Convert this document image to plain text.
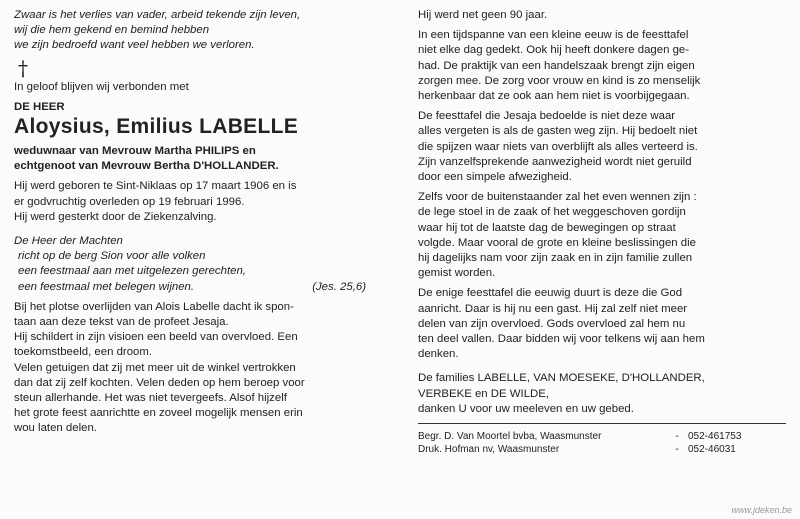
Zwaar is het verlies van vader, arbeid tekende zijn leven,
wij die hem gekend en bemind hebben
we zijn bedroefd want veel hebben we verloren.
†
In geloof blijven wij verbonden met
DE HEER
Aloysius, Emilius LABELLE
weduwnaar van Mevrouw Martha PHILIPS en
echtgenoot van Mevrouw Bertha D'HOLLANDER.
Hij werd geboren te Sint-Niklaas op 17 maart 1906 en is
er godvruchtig overleden op 19 februari 1996.
Hij werd gesterkt door de Ziekenzalving.
De Heer der Machten
richt op de berg Sion voor alle volken
een feestmaal aan met uitgelezen gerechten,
een feestmaal met belegen wijnen.	(Jes. 25,6)
Bij het plotse overlijden van Alois Labelle dacht ik spon-
taan aan deze tekst van de profeet Jesaja.
Hij schildert in zijn visioen een beeld van overvloed. Een
toekomstbeeld, een droom.
Velen getuigen dat zij met meer uit de winkel vertrokken
dan dat zij zelf kochten. Velen deden op hem beroep voor
steun allerhande. Het was niet tevergeefs. Alsof hijzelf
het grote feest aanrichtte en zoveel mogelijk mensen erin
wou laten delen.
Hij werd net geen 90 jaar.
In een tijdspanne van een kleine eeuw is de feesttafel
niet elke dag gedekt. Ook hij heeft donkere dagen ge-
had. De praktijk van een handelszaak brengt zijn eigen
zorgen mee. De zorg voor vrouw en kind is zo menselijk
herkenbaar dat ze ook aan hem niet is voorbijgegaan.
De feesttafel die Jesaja bedoelde is niet deze waar
alles vergeten is als de gasten weg zijn. Hij bedoelt niet
die spijzen waar niets van overblijft als alles verteerd is.
Zijn vanzelfsprekende aanwezigheid wordt niet geruild
door een simpele afwezigheid.
Zelfs voor de buitenstaander zal het even wennen zijn :
de lege stoel in de zaak of het weggeschoven gordijn
waar hij tot de laatste dag de bewegingen op straat
volgde. Maar vooral de grote en kleine beslissingen die
hij dagelijks nam voor zijn zaak en in zijn familie zullen
gemist worden.
De enige feesttafel die eeuwig duurt is deze die God
aanricht. Daar is hij nu een gast. Hij zal zelf niet meer
delen van zijn overvloed. Gods overvloed zal hem nu
ten deel vallen. Daar bidden wij voor telkens wij aan hem
denken.
De families LABELLE, VAN MOESEKE, D'HOLLANDER,
VERBEKE en DE WILDE,
danken U voor uw meeleven en uw gebed.
Begr. D. Van Moortel bvba, Waasmunster	- 052-461753
Druk. Hofman nv, Waasmunster	- 052-46031
www.jdeken.be
